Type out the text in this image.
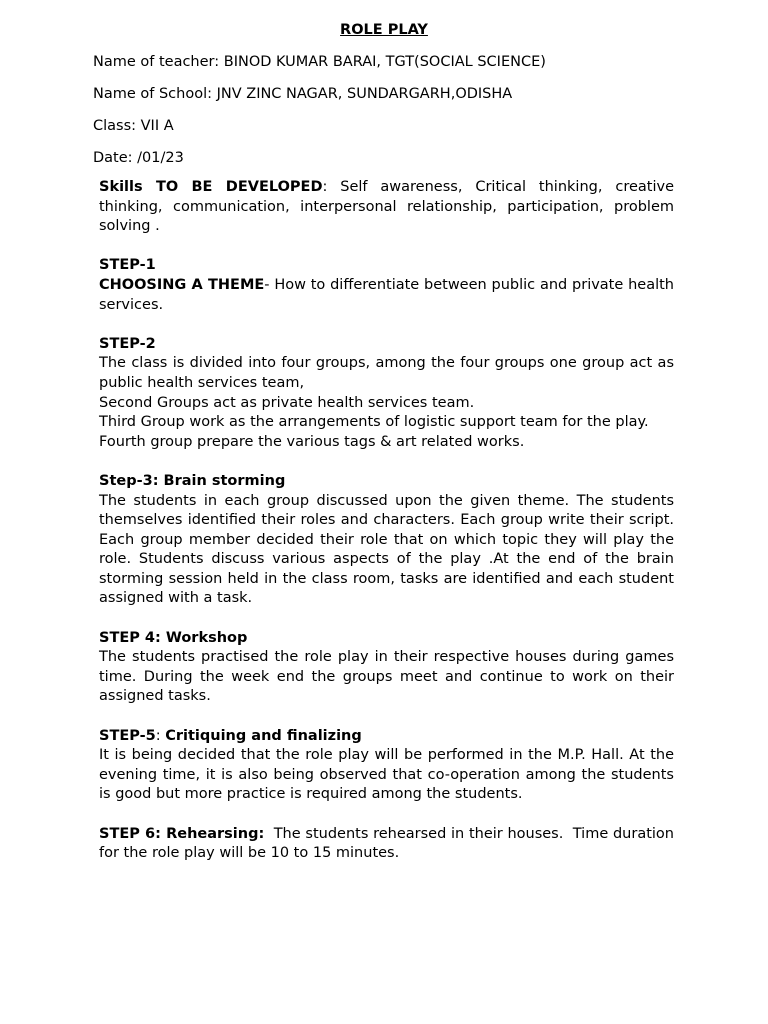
ROLE PLAY
Name of teacher: BINOD KUMAR BARAI, TGT(SOCIAL SCIENCE)
Name of School: JNV ZINC NAGAR, SUNDARGARH,ODISHA
Class: VII A
Date: /01/23

Skills TO BE DEVELOPED: Self awareness, Critical thinking, creative thinking, communication, interpersonal relationship, participation, problem solving .

STEP-1

CHOOSING A THEME- How to differentiate between public and private health services.

STEP-2

The class is divided into four groups, among the four groups one group act as public health services team,

Second Groups act as private health services team.

Third Group work as the arrangements of logistic support team for the play.

Fourth group prepare the various tags & art related works.

Step-3: Brain storming

The students in each group discussed upon the given theme. The students themselves identified their roles and characters. Each group write their script. Each group member decided their role that on which topic they will play the role. Students discuss various aspects of the play .At the end of the brain storming session held in the class room, tasks are identified and each student assigned with a task.

STEP 4: Workshop

The students practised the role play in their respective houses during games time. During the week end the groups meet and continue to work on their assigned tasks.

STEP-5: Critiquing and finalizing

It is being decided that the role play will be performed in the M.P. Hall. At the evening time, it is also being observed that co-operation among the students is good but more practice is required among the students.

STEP 6: Rehearsing:  The students rehearsed in their houses.  Time duration for the role play will be 10 to 15 minutes.
